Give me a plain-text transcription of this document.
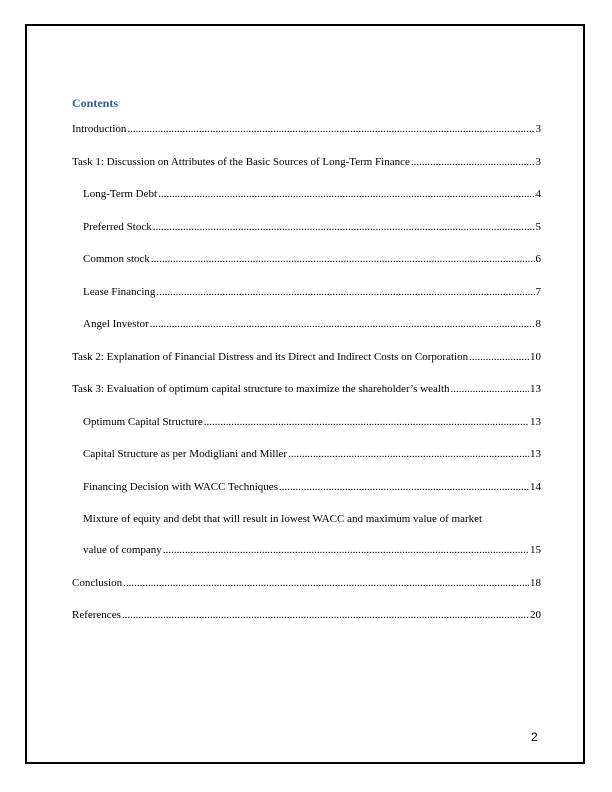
Contents
Introduction .....	3
Task 1: Discussion on Attributes of the Basic Sources of Long-Term Finance .....	3
Long-Term Debt .....	4
Preferred Stock .....	5
Common stock .....	6
Lease Financing .....	7
Angel Investor .....	8
Task 2: Explanation of Financial Distress and its Direct and Indirect Costs on Corporation .....	10
Task 3: Evaluation of optimum capital structure to maximize the shareholder’s wealth .....	13
Optimum Capital Structure .....	13
Capital Structure as per Modigliani and Miller .....	13
Financing Decision with WACC Techniques .....	14
Mixture of equity and debt that will result in lowest WACC and maximum value of market
value of company .....	15
Conclusion .....	18
References .....	20
2
